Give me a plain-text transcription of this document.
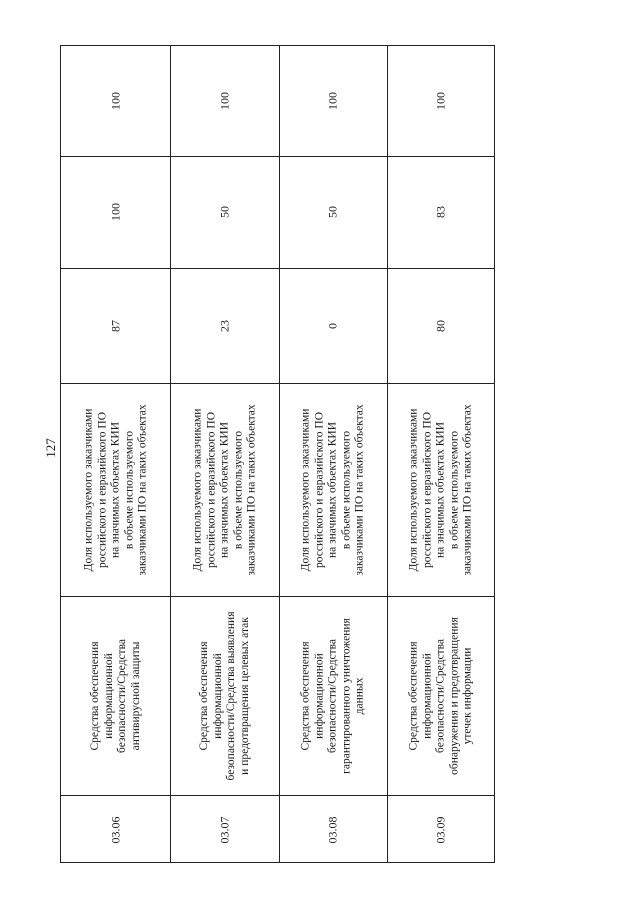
127
100
100
87
Доля используемого заказчиками российского и евразийского ПО на значимых объектах КИИ в объеме используемого заказчиками ПО на таких объектах
Средства обеспечения информационной безопасности/Средства антивирусной защиты
03.06
100
50
23
Доля используемого заказчиками российского и евразийского ПО на значимых объектах КИИ в объеме используемого заказчиками ПО на таких объектах
Средства обеспечения информационной безопасности/Средства выявления и предотвращения целевых атак
03.07
100
50
0
Доля используемого заказчиками российского и евразийского ПО на значимых объектах КИИ в объеме используемого заказчиками ПО на таких объектах
Средства обеспечения информационной безопасности/Средства гарантированного уничтожения данных
03.08
100
83
80
Доля используемого заказчиками российского и евразийского ПО на значимых объектах КИИ в объеме используемого заказчиками ПО на таких объектах
Средства обеспечения информационной безопасности/Средства обнаружения и предотвращения утечек информации
03.09
